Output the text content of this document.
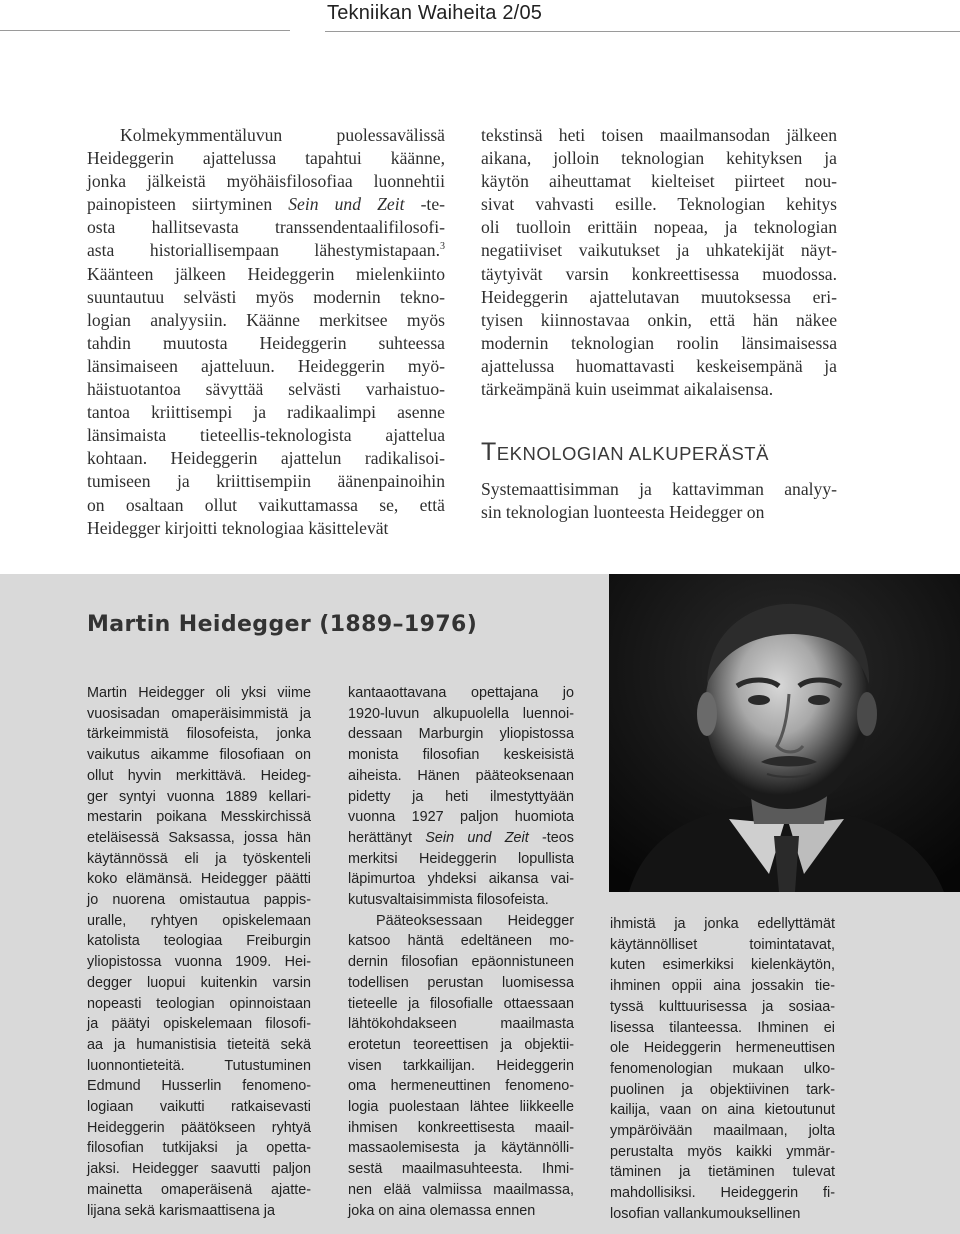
Tekniikan Waiheita 2/05
Kolmekymmentäluvun puolessavälissä
Heideggerin ajattelussa tapahtui käänne,
jonka jälkeistä myöhäisfilosofiaa luonnehtii
painopisteen siirtyminen Sein und Zeit -te-
osta hallitsevasta transsendentaalifilosofi-
asta historiallisempaan lähestymistapaan.$^3$
Käänteen jälkeen Heideggerin mielenkiinto
suuntautuu selvästi myös modernin tekno-
logian analyysiin. Käänne merkitsee myös
tahdin muutosta Heideggerin suhteessa
länsimaiseen ajatteluun. Heideggerin myö-
häistuotantoa sävyttää selvästi varhaistuo-
tantoa kriittisempi ja radikaalimpi asenne
länsimaista tieteellis-teknologista ajattelua
kohtaan. Heideggerin ajattelun radikalisoi-
tumiseen ja kriittisempiin äänenpainoihin
on osaltaan ollut vaikuttamassa se, että
Heidegger kirjoitti teknologiaa käsittelevät
tekstinsä heti toisen maailmansodan jälkeen
aikana, jolloin teknologian kehityksen ja
käytön aiheuttamat kielteiset piirteet nou-
sivat vahvasti esille. Teknologian kehitys
oli tuolloin erittäin nopeaa, ja teknologian
negatiiviset vaikutukset ja uhkatekijät näyt-
täytyivät varsin konkreettisessa muodossa.
Heideggerin ajattelutavan muutoksessa eri-
tyisen kiinnostavaa onkin, että hän näkee
modernin teknologian roolin länsimaisessa
ajattelussa huomattavasti keskeisempänä ja
tärkeämpänä kuin useimmat aikalaisensa.
TEKNOLOGIAN ALKUPERÄSTÄ
Systemaattisimman ja kattavimman analyy-
sin teknologian luonteesta Heidegger on
Martin Heidegger (1889–1976)
Martin Heidegger oli yksi viime
vuosisadan omaperäisimmistä ja
tärkeimmistä filosofeista, jonka
vaikutus aikamme filosofiaan on
ollut hyvin merkittävä. Heideg-
ger syntyi vuonna 1889 kellari-
mestarin poikana Messkirchissä
eteläisessä Saksassa, jossa hän
käytännössä eli ja työskenteli
koko elämänsä. Heidegger päätti
jo nuorena omistautua pappis-
uralle, ryhtyen opiskelemaan
katolista teologiaa Freiburgin
yliopistossa vuonna 1909. Hei-
degger luopui kuitenkin varsin
nopeasti teologian opinnoistaan
ja päätyi opiskelemaan filosofi-
aa ja humanistisia tieteitä sekä
luonnontieteitä. Tutustuminen
Edmund Husserlin fenomeno-
logiaan vaikutti ratkaisevasti
Heideggerin päätökseen ryhtyä
filosofian tutkijaksi ja opetta-
jaksi. Heidegger saavutti paljon
mainetta omaperäisenä ajatte-
lijana sekä karismaattisena ja
kantaaottavana opettajana jo
1920-luvun alkupuolella luennoi-
dessaan Marburgin yliopistossa
monista filosofian keskeisistä
aiheista. Hänen pääteoksenaan
pidetty ja heti ilmestyttyään
vuonna 1927 paljon huomiota
herättänyt Sein und Zeit -teos
merkitsi Heideggerin lopullista
läpimurtoa yhdeksi aikansa vai-
kutusvaltaisimmista filosofeista.
Pääteoksessaan Heidegger
katsoo häntä edeltäneen mo-
dernin filosofian epäonnistuneen
todellisen perustan luomisessa
tieteelle ja filosofialle ottaessaan
lähtökohdakseen maailmasta
erotetun teoreettisen ja objektii-
visen tarkkailijan. Heideggerin
oma hermeneuttinen fenomeno-
logia puolestaan lähtee liikkeelle
ihmisen konkreettisesta maail-
massaolemisesta ja käytännölli-
sestä maailmasuhteesta. Ihmi-
nen elää valmiissa maailmassa,
joka on aina olemassa ennen
ihmistä ja jonka edellyttämät
käytännölliset toimintatavat,
kuten esimerkiksi kielenkäytön,
ihminen oppii aina jossakin tie-
tyssä kulttuurisessa ja sosiaa-
lisessa tilanteessa. Ihminen ei
ole Heideggerin hermeneuttisen
fenomenologian mukaan ulko-
puolinen ja objektiivinen tark-
kailija, vaan on aina kietoutunut
ympäröivään maailmaan, jolta
perustalta myös kaikki ymmär-
täminen ja tietäminen tulevat
mahdollisiksi. Heideggerin fi-
losofian vallankumouksellinen
